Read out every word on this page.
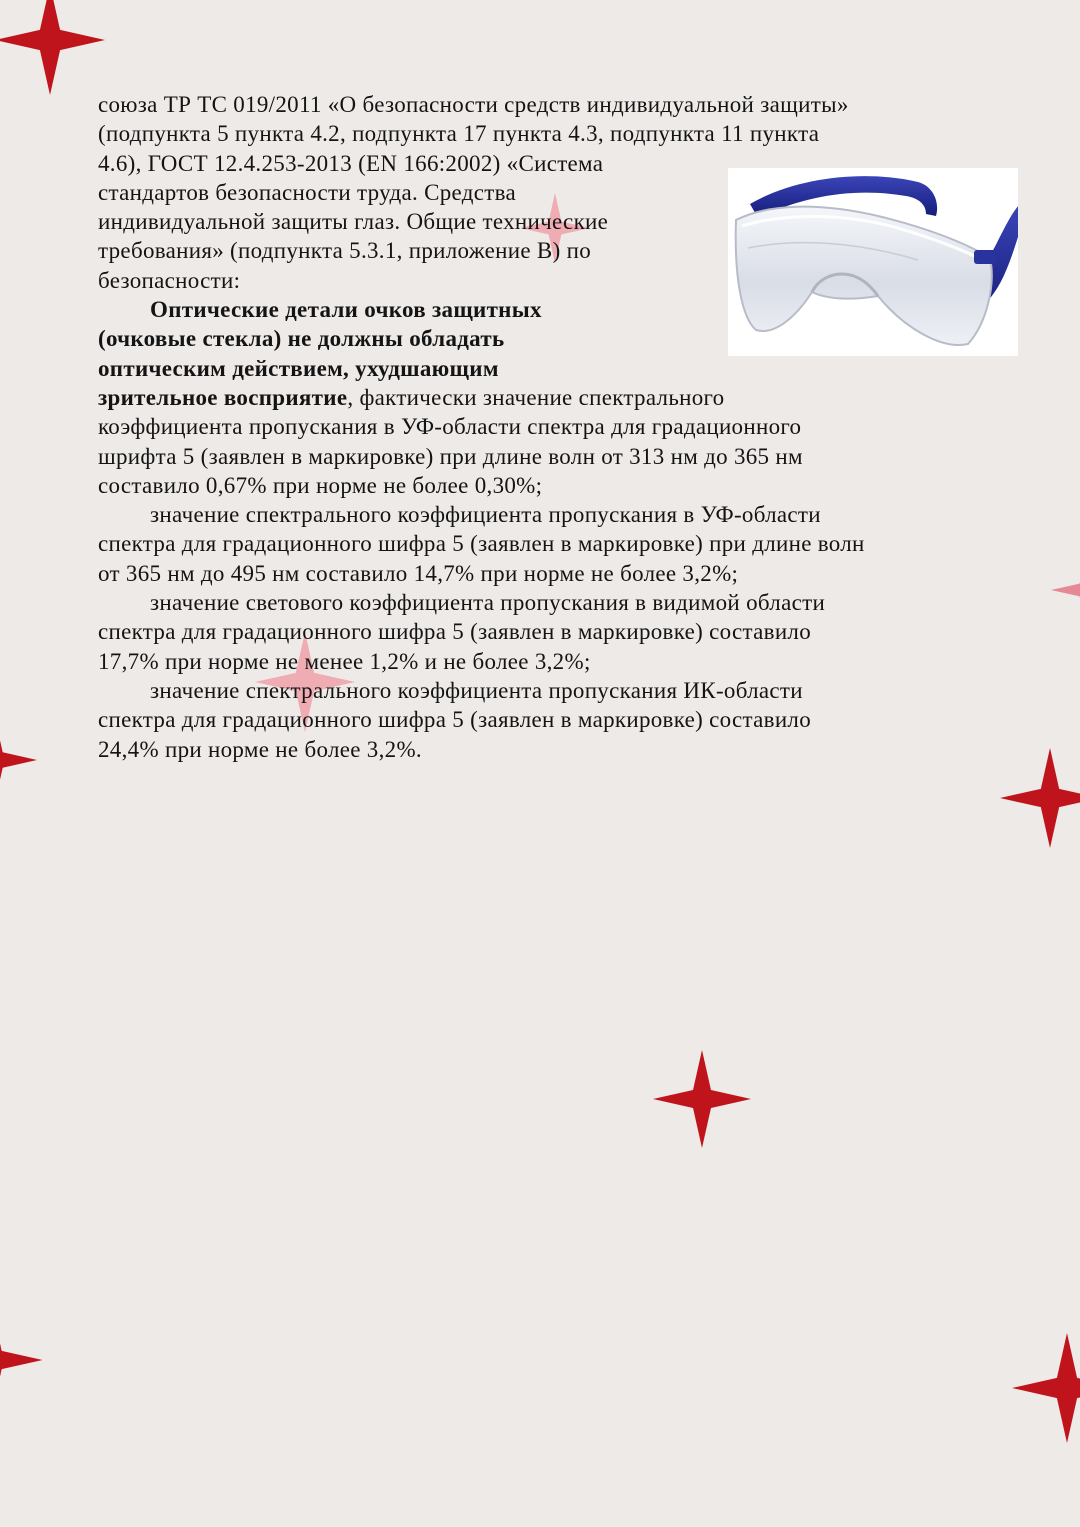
союза ТР ТС 019/2011 «О безопасности средств индивидуальной защиты»
(подпункта 5 пункта 4.2, подпункта 17 пункта 4.3, подпункта 11 пункта
4.6), ГОСТ 12.4.253-2013 (EN 166:2002) «Система
стандартов безопасности труда. Средства
индивидуальной защиты глаз. Общие технические
требования» (подпункта 5.3.1, приложение В) по
безопасности:

Оптические детали очков защитных
(очковые стекла) не должны обладать
оптическим действием, ухудшающим
зрительное восприятие, фактически значение спектрального
коэффициента пропускания в УФ-области спектра для градационного
шрифта 5 (заявлен в маркировке) при длине волн от 313 нм до 365 нм
составило 0,67% при норме не более 0,30%;

значение спектрального коэффициента пропускания в УФ-области
спектра для градационного шифра 5 (заявлен в маркировке) при длине волн
от 365 нм до 495 нм составило 14,7% при норме не более 3,2%;

значение светового коэффициента пропускания в видимой области
спектра для градационного шифра 5 (заявлен в маркировке) составило
17,7% при норме не менее 1,2% и не более 3,2%;

значение спектрального коэффициента пропускания ИК-области
спектра для градационного шифра 5 (заявлен в маркировке) составило
24,4% при норме не более 3,2%.
